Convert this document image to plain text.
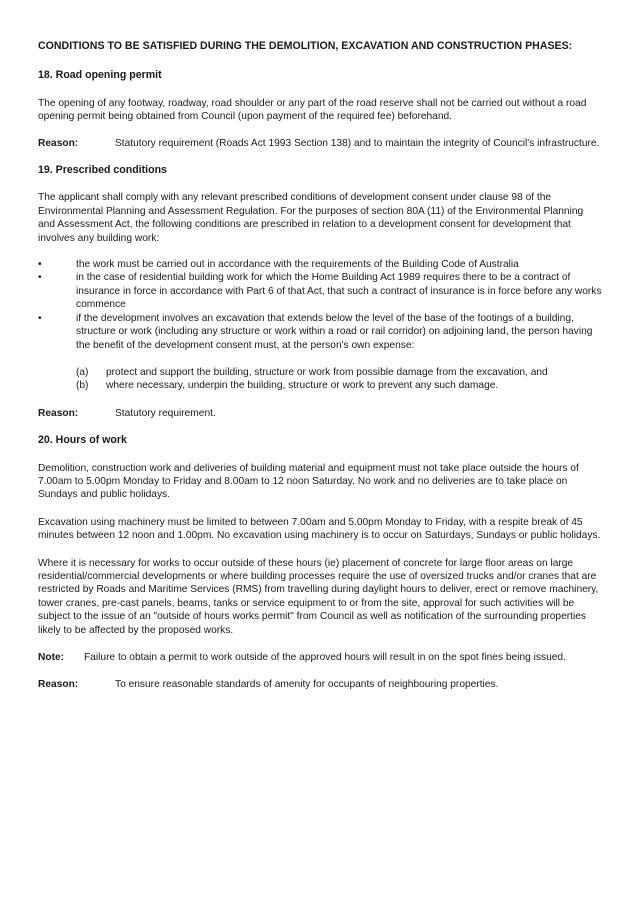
CONDITIONS TO BE SATISFIED DURING THE DEMOLITION, EXCAVATION AND CONSTRUCTION PHASES:

18. Road opening permit

The opening of any footway, roadway, road shoulder or any part of the road reserve shall not be carried out without a road opening permit being obtained from Council (upon payment of the required fee) beforehand.

Reason:	Statutory requirement (Roads Act 1993 Section 138) and to maintain the integrity of Council's infrastructure.

19. Prescribed conditions

The applicant shall comply with any relevant prescribed conditions of development consent under clause 98 of the Environmental Planning and Assessment Regulation. For the purposes of section 80A (11) of the Environmental Planning and Assessment Act, the following conditions are prescribed in relation to a development consent for development that involves any building work:

•	the work must be carried out in accordance with the requirements of the Building Code of Australia
•	in the case of residential building work for which the Home Building Act 1989 requires there to be a contract of insurance in force in accordance with Part 6 of that Act, that such a contract of insurance is in force before any works commence
•	if the development involves an excavation that extends below the level of the base of the footings of a building, structure or work (including any structure or work within a road or rail corridor) on adjoining land, the person having the benefit of the development consent must, at the person's own expense:
(a)	protect and support the building, structure or work from possible damage from the excavation, and
(b)	where necessary, underpin the building, structure or work to prevent any such damage.
Reason:	Statutory requirement.

20. Hours of work

Demolition, construction work and deliveries of building material and equipment must not take place outside the hours of 7.00am to 5.00pm Monday to Friday and 8.00am to 12 noon Saturday. No work and no deliveries are to take place on Sundays and public holidays.

Excavation using machinery must be limited to between 7.00am and 5.00pm Monday to Friday, with a respite break of 45 minutes between 12 noon and 1.00pm. No excavation using machinery is to occur on Saturdays, Sundays or public holidays.

Where it is necessary for works to occur outside of these hours (ie) placement of concrete for large floor areas on large residential/commercial developments or where building processes require the use of oversized trucks and/or cranes that are restricted by Roads and Maritime Services (RMS) from travelling during daylight hours to deliver, erect or remove machinery, tower cranes, pre-cast panels, beams, tanks or service equipment to or from the site, approval for such activities will be subject to the issue of an "outside of hours works permit" from Council as well as notification of the surrounding properties likely to be affected by the proposed works.

Note:	Failure to obtain a permit to work outside of the approved hours will result in on the spot fines being issued.
Reason:	To ensure reasonable standards of amenity for occupants of neighbouring properties.
